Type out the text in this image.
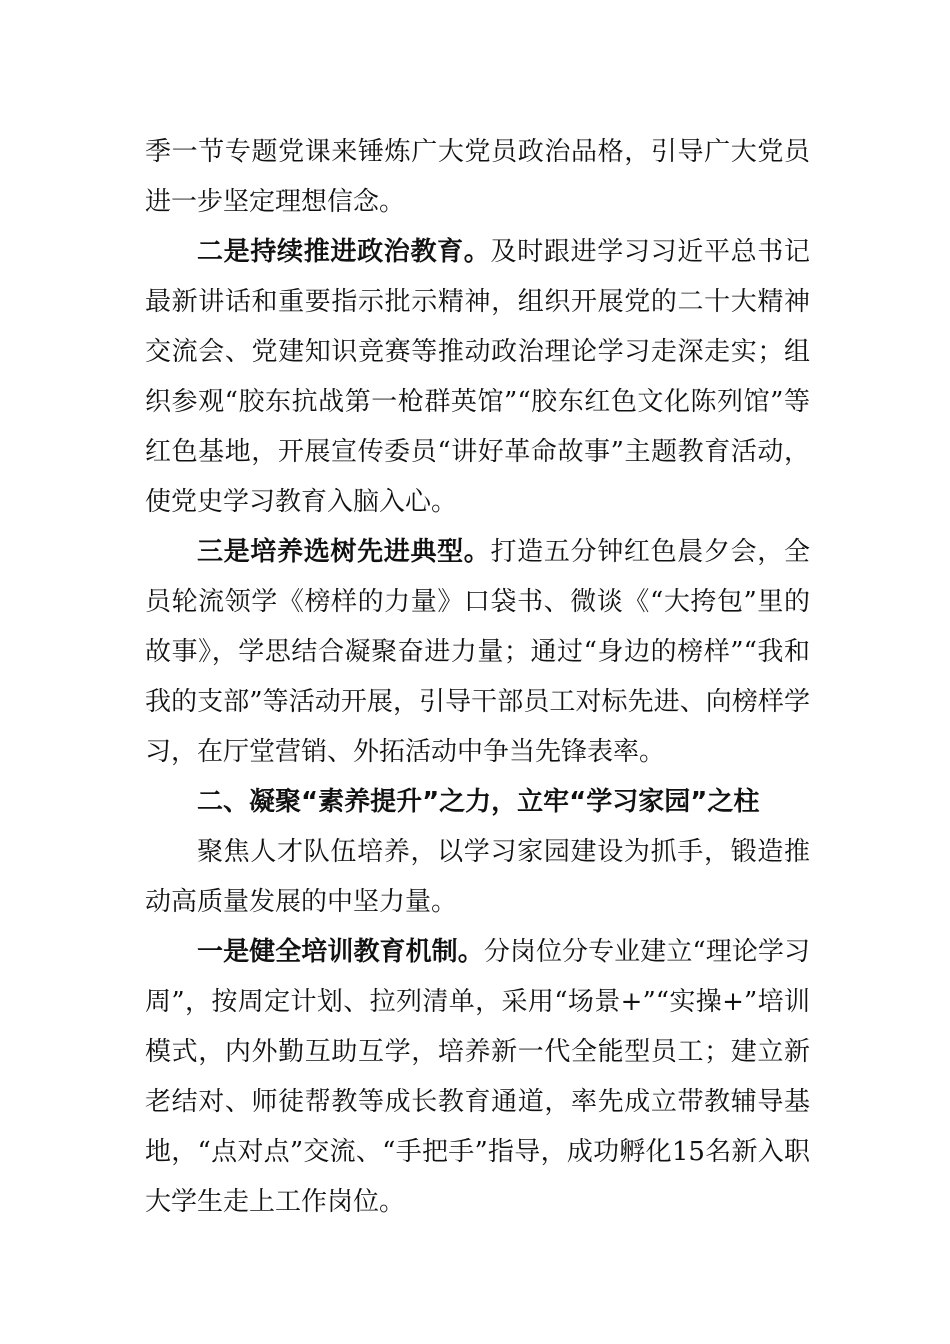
季一节专题党课来锤炼广大党员政治品格，引导广大党员进一步坚定理想信念。

二是持续推进政治教育。及时跟进学习习近平总书记最新讲话和重要指示批示精神，组织开展党的二十大精神交流会、党建知识竞赛等推动政治理论学习走深走实；组织参观“胶东抗战第一枪群英馆”“胶东红色文化陈列馆”等红色基地，开展宣传委员“讲好革命故事”主题教育活动，使党史学习教育入脑入心。

三是培养选树先进典型。打造五分钟红色晨夕会，全员轮流领学《榜样的力量》口袋书、微谈《“大挎包”里的故事》，学思结合凝聚奋进力量；通过“身边的榜样”“我和我的支部”等活动开展，引导干部员工对标先进、向榜样学习，在厅堂营销、外拓活动中争当先锋表率。

二、凝聚“素养提升”之力，立牢“学习家园”之柱

聚焦人才队伍培养，以学习家园建设为抓手，锻造推动高质量发展的中坚力量。

一是健全培训教育机制。分岗位分专业建立“理论学习周”，按周定计划、拉列清单，采用“场景+”“实操+”培训模式，内外勤互助互学，培养新一代全能型员工；建立新老结对、师徒帮教等成长教育通道，率先成立带教辅导基地，“点对点”交流、“手把手”指导，成功孵化15名新入职大学生走上工作岗位。
